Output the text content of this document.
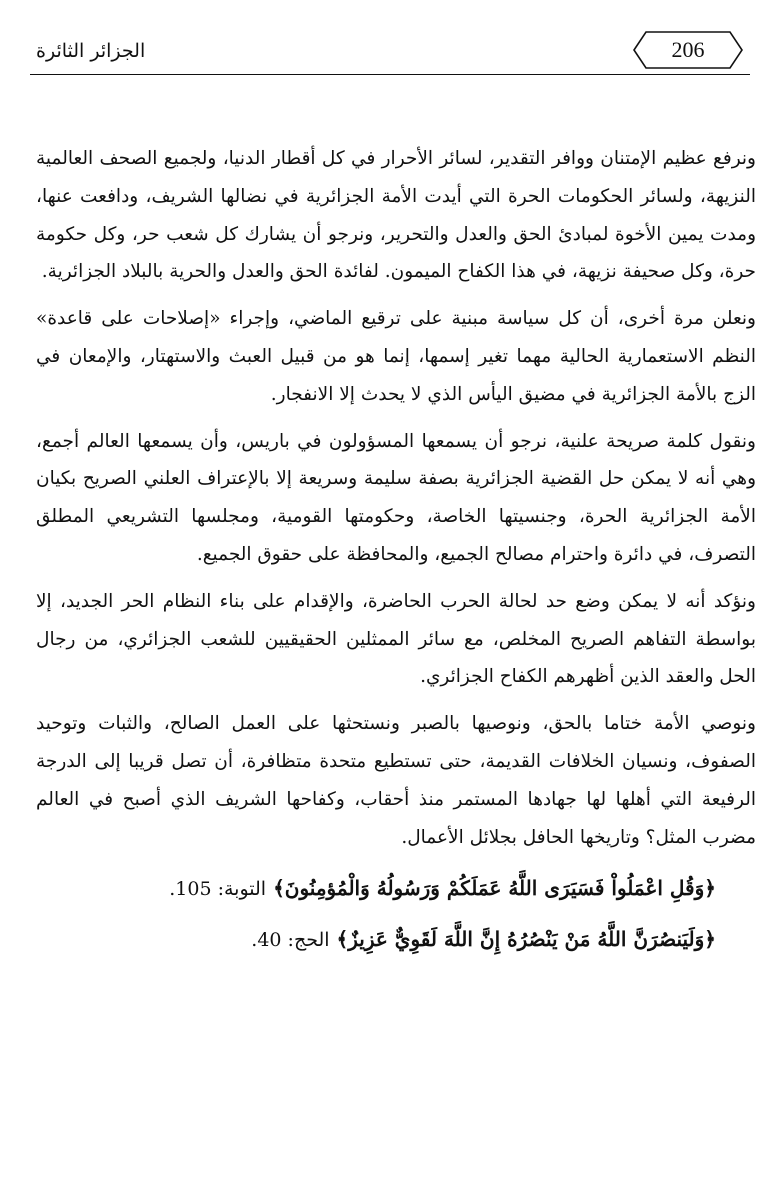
الجزائر الثائرة	206

ونرفع عظيم الإمتنان ووافر التقدير، لسائر الأحرار في كل أقطار الدنيا، ولجميع الصحف العالمية النزيهة، ولسائر الحكومات الحرة التي أيدت الأمة الجزائرية في نضالها الشريف، ودافعت عنها، ومدت يمين الأخوة لمبادئ الحق والعدل والتحرير، ونرجو أن يشارك كل شعب حر، وكل حكومة حرة، وكل صحيفة نزيهة، في هذا الكفاح الميمون. لفائدة الحق والعدل والحرية بالبلاد الجزائرية.

ونعلن مرة أخرى، أن كل سياسة مبنية على ترقيع الماضي، وإجراء «إصلاحات على قاعدة» النظم الاستعمارية الحالية مهما تغير إسمها، إنما هو من قبيل العبث والاستهتار، والإمعان في الزج بالأمة الجزائرية في مضيق اليأس الذي لا يحدث إلا الانفجار.

ونقول كلمة صريحة علنية، نرجو أن يسمعها المسؤولون في باريس، وأن يسمعها العالم أجمع، وهي أنه لا يمكن حل القضية الجزائرية بصفة سليمة وسريعة إلا بالإعتراف العلني الصريح بكيان الأمة الجزائرية الحرة، وجنسيتها الخاصة، وحكومتها القومية، ومجلسها التشريعي المطلق التصرف، في دائرة واحترام مصالح الجميع، والمحافظة على حقوق الجميع.

ونؤكد أنه لا يمكن وضع حد لحالة الحرب الحاضرة، والإقدام على بناء النظام الحر الجديد، إلا بواسطة التفاهم الصريح المخلص، مع سائر الممثلين الحقيقيين للشعب الجزائري، من رجال الحل والعقد الذين أظهرهم الكفاح الجزائري.

ونوصي الأمة ختاما بالحق، ونوصيها بالصبر ونستحثها على العمل الصالح، والثبات وتوحيد الصفوف، ونسيان الخلافات القديمة، حتى تستطيع متحدة متظافرة، أن تصل قريبا إلى الدرجة الرفيعة التي أهلها لها جهادها المستمر منذ أحقاب، وكفاحها الشريف الذي أصبح في العالم مضرب المثل؟ وتاريخها الحافل بجلائل الأعمال.

﴿وَقُلِ اعْمَلُواْ فَسَيَرَى اللَّهُ عَمَلَكُمْ وَرَسُولُهُ وَالْمُؤمِنُونَ﴾ التوبة: 105.
﴿وَلَيَنصُرَنَّ اللَّهُ مَنْ يَنْصُرُهُ إِنَّ اللَّهَ لَقَوِيٌّ عَزِيزٌ﴾ الحج: 40.
